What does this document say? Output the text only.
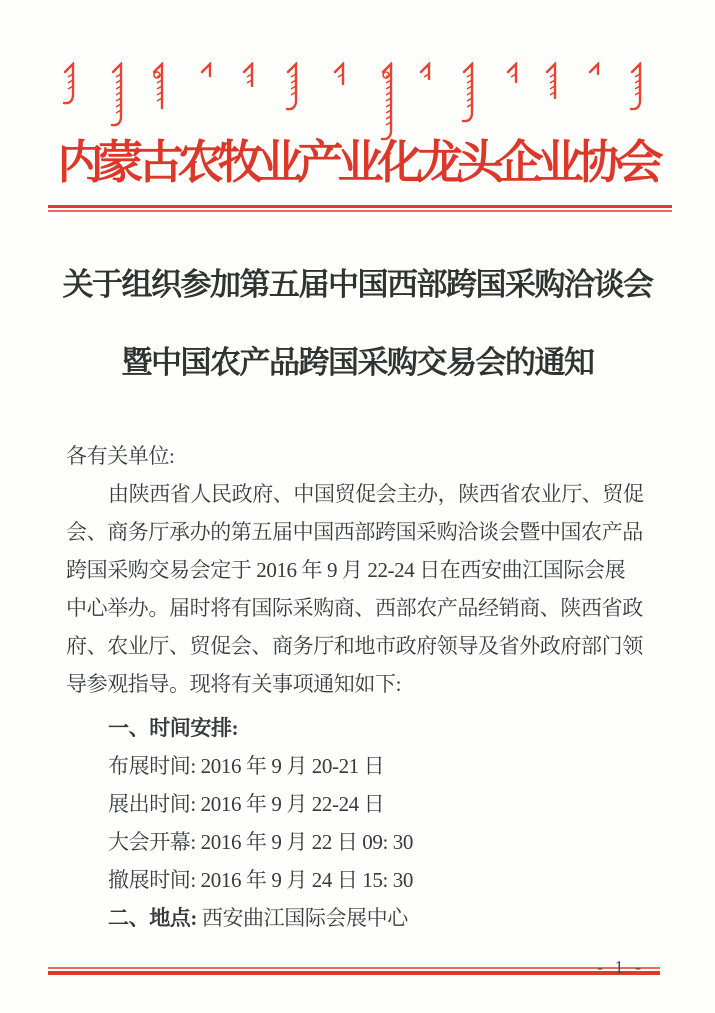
内蒙古农牧业产业化龙头企业协会
关于组织参加第五届中国西部跨国采购洽谈会
暨中国农产品跨国采购交易会的通知
各有关单位:
由陕西省人民政府、中国贸促会主办，陕西省农业厅、贸促
会、商务厅承办的第五届中国西部跨国采购洽谈会暨中国农产品
跨国采购交易会定于 2016 年 9 月 22-24 日在西安曲江国际会展
中心举办。届时将有国际采购商、西部农产品经销商、陕西省政
府、农业厅、贸促会、商务厅和地市政府领导及省外政府部门领
导参观指导。现将有关事项通知如下:
一、时间安排:
布展时间: 2016 年 9 月 20-21 日
展出时间: 2016 年 9 月 22-24 日
大会开幕: 2016 年 9 月 22 日 09: 30
撤展时间: 2016 年 9 月 24 日 15: 30
二、地点: 西安曲江国际会展中心
- 1 -
